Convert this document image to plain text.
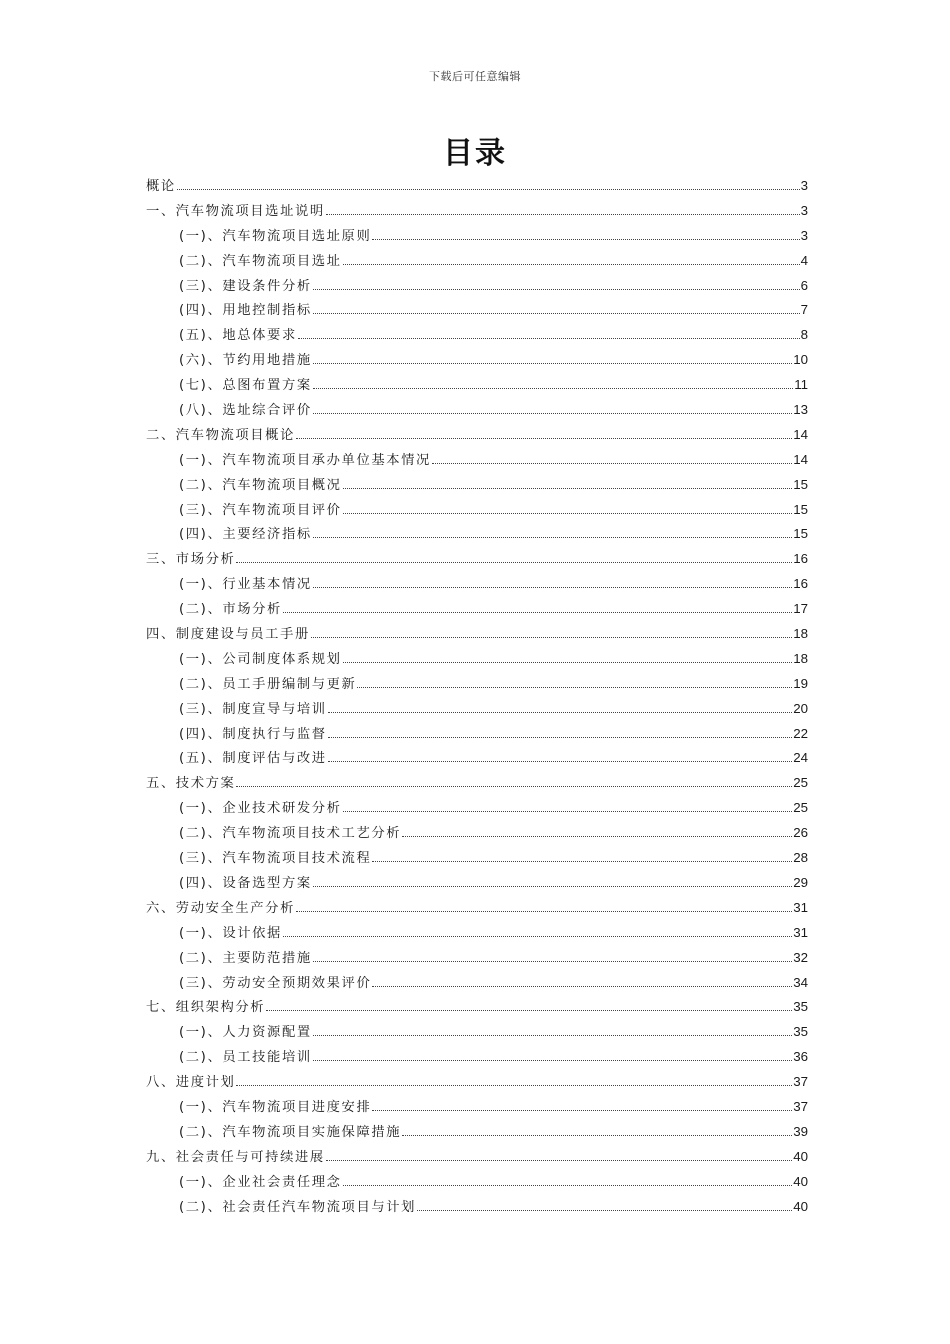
下载后可任意编辑
目录
概论	3
一、汽车物流项目选址说明	3
(一)、汽车物流项目选址原则	3
(二)、汽车物流项目选址	4
(三)、建设条件分析	6
(四)、用地控制指标	7
(五)、地总体要求	8
(六)、节约用地措施	10
(七)、总图布置方案	11
(八)、选址综合评价	13
二、汽车物流项目概论	14
(一)、汽车物流项目承办单位基本情况	14
(二)、汽车物流项目概况	15
(三)、汽车物流项目评价	15
(四)、主要经济指标	15
三、市场分析	16
(一)、行业基本情况	16
(二)、市场分析	17
四、制度建设与员工手册	18
(一)、公司制度体系规划	18
(二)、员工手册编制与更新	19
(三)、制度宣导与培训	20
(四)、制度执行与监督	22
(五)、制度评估与改进	24
五、技术方案	25
(一)、企业技术研发分析	25
(二)、汽车物流项目技术工艺分析	26
(三)、汽车物流项目技术流程	28
(四)、设备选型方案	29
六、劳动安全生产分析	31
(一)、设计依据	31
(二)、主要防范措施	32
(三)、劳动安全预期效果评价	34
七、组织架构分析	35
(一)、人力资源配置	35
(二)、员工技能培训	36
八、进度计划	37
(一)、汽车物流项目进度安排	37
(二)、汽车物流项目实施保障措施	39
九、社会责任与可持续进展	40
(一)、企业社会责任理念	40
(二)、社会责任汽车物流项目与计划	40
